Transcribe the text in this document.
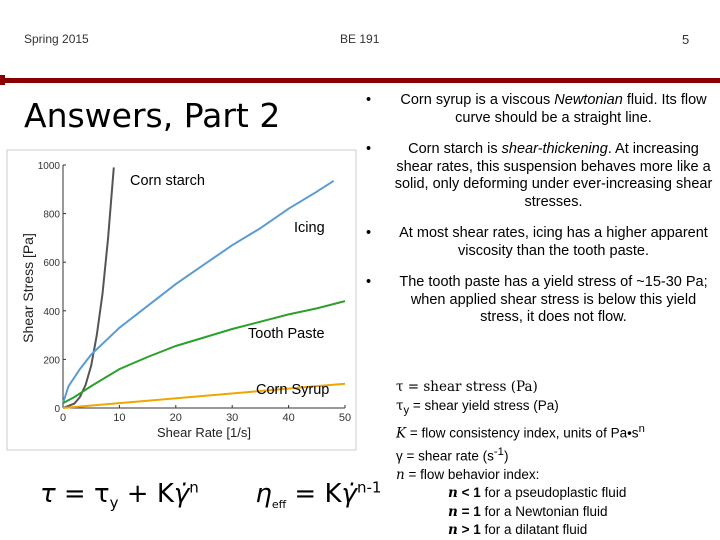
Spring 2015	BE 191	5
Answers, Part 2	• Corn syrup is a viscous Newtonian fluid. Its flow curve should be a straight line.
•	Corn starch is shear-thickening. At increasing shear rates, this suspension behaves more like a solid, only deforming under ever-increasing shear stresses.
• At most shear rates, icing has a higher apparent viscosity than the tooth paste.
• The tooth paste has a yield stress of ~15-30 Pa; when applied shear stress is below this yield stress, it does not flow.
τ = shear stress (Pa)
$\tau_y$ = shear yield stress (Pa)
K = flow consistency index, units of $Pa•s^n$
γ = shear rate $(s^{-1})$
n = flow behavior index:
n < 1 for a pseudoplastic fluid
n = 1 for a Newtonian fluid
n > 1 for a dilatant fluid
$\tau = \tau_y$ + Kγ̇$^n$ $\eta_{eff}$ = Kγ̇$^{n-1}$
0	10	20	30	40	50
0
200
400
600
800
1000
Shear Stress [Pa]
Shear Rate [1/s]
Corn starch
Icing
Tooth Paste
Corn Syrup
